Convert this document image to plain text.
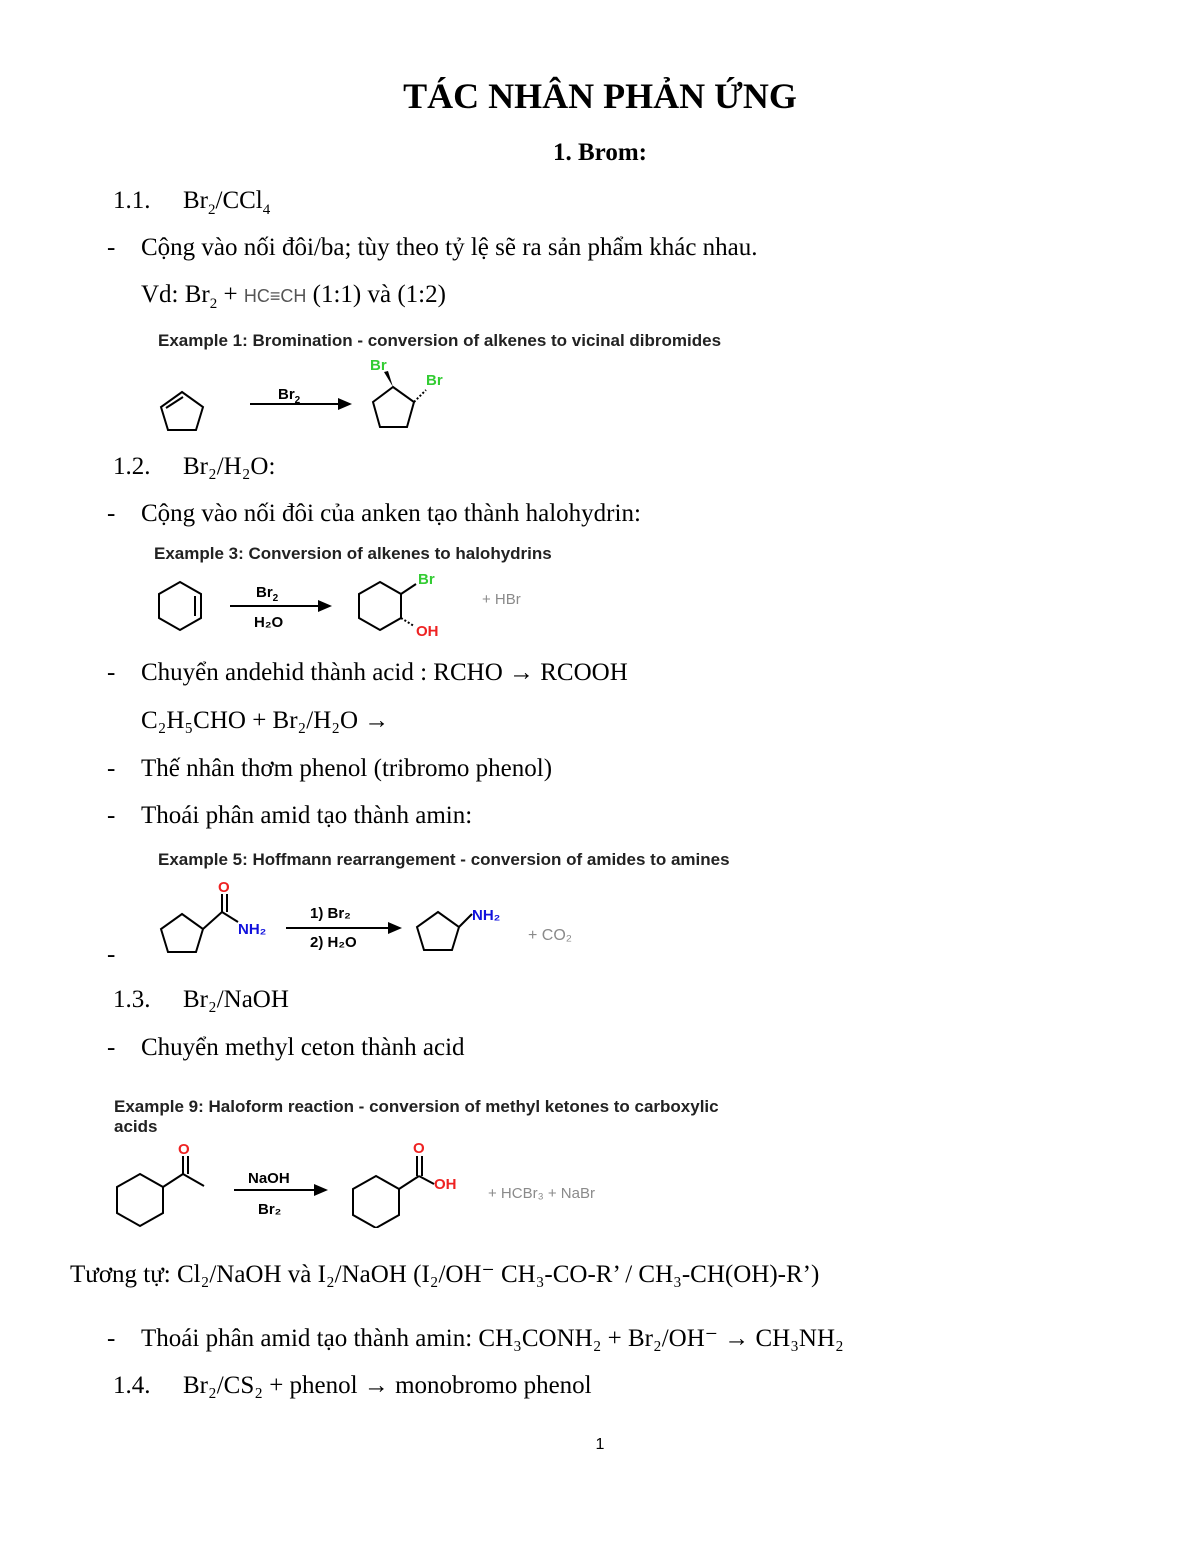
TÁC NHÂN PHẢN ỨNG
1. Brom:
1.1. $Br_2/CCl_4$
- Cộng vào nối đôi/ba; tùy theo tỷ lệ sẽ ra sản phẩm khác nhau.
Vd: $Br_2 + HC\equiv CH$ (1:1) và (1:2)
Example 1: Bromination - conversion of alkenes to vicinal dibromides
$Br_2$
Br
Br
1.2. Br₂/H₂O:
- Cộng vào nối đôi của anken tạo thành halohydrin:
Example 3: Conversion of alkenes to halohydrins
$Br_2$
H₂O
Br
OH
+ HBr
- Chuyển andehid thành acid : RCHO → RCOOH
C₂H₅CHO + Br₂/H₂O →
- Thế nhân thơm phenol (tribromo phenol)
- Thoái phân amid tạo thành amin:
Example 5: Hoffmann rearrangement - conversion of amides to amines
O
NH₂
1) Br₂
2) H₂O
NH₂
+ CO₂
-
1.3. Br₂/NaOH
- Chuyển methyl ceton thành acid
Example 9: Haloform reaction - conversion of methyl ketones to carboxylic
acids
O
NaOH
Br₂
O
OH
+ HCBr₃ + NaBr
Tương tự: Cl₂/NaOH và I₂/NaOH (I₂/OH⁻ CH₃-CO-R’ / CH₃-CH(OH)-R’)
- Thoái phân amid tạo thành amin: CH₃CONH₂ + Br₂/OH⁻ → CH₃NH₂
1.4. Br₂/CS₂ + phenol → monobromo phenol
1
